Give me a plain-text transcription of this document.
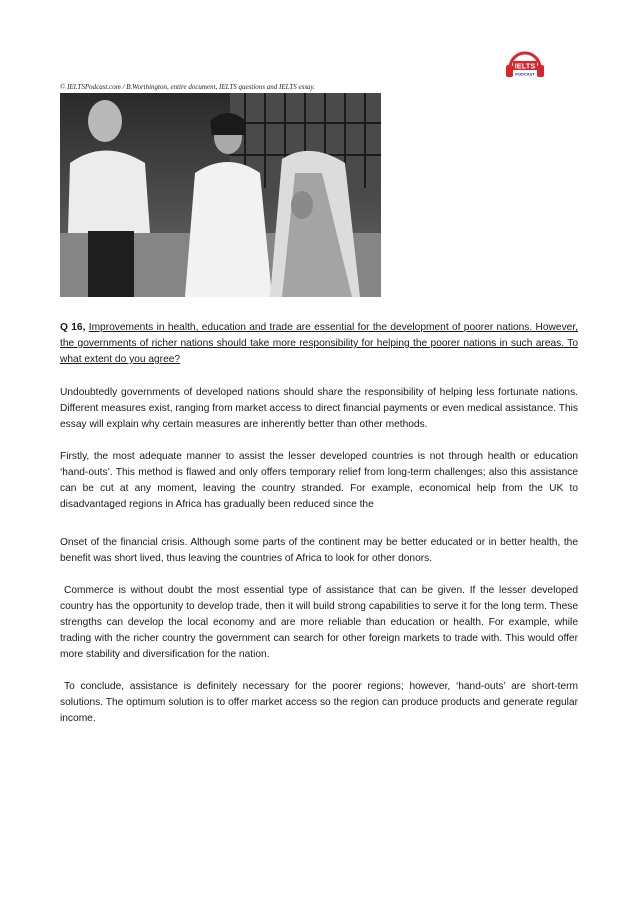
IELTS
PODCAST
© IELTSPodcast.com / B.Worthington, entire document, IELTS questions and IELTS essay.

Q 16, Improvements in health, education and trade are essential for the development of poorer nations. However, the governments of richer nations should take more responsibility for helping the poorer nations in such areas. To what extent do you agree?

Undoubtedly governments of developed nations should share the responsibility of helping less fortunate nations. Different measures exist, ranging from market access to direct financial payments or even medical assistance. This essay will explain why certain measures are inherently better than other methods.

Firstly, the most adequate manner to assist the lesser developed countries is not through health or education ‘hand-outs’. This method is flawed and only offers temporary relief from long-term challenges; also this assistance can be cut at any moment, leaving the country stranded. For example, economical help from the UK to disadvantaged regions in Africa has gradually been reduced since the

Onset of the financial crisis. Although some parts of the continent may be better educated or in better health, the benefit was short lived, thus leaving the countries of Africa to look for other donors.

Commerce is without doubt the most essential type of assistance that can be given. If the lesser developed country has the opportunity to develop trade, then it will build strong capabilities to serve it for the long term. These strengths can develop the local economy and are more reliable than education or health. For example, while trading with the richer country the government can search for other foreign markets to trade with. This would offer more stability and diversification for the nation.

To conclude, assistance is definitely necessary for the poorer regions; however, ‘hand-outs’ are short-term solutions. The optimum solution is to offer market access so the region can produce products and generate regular income.
